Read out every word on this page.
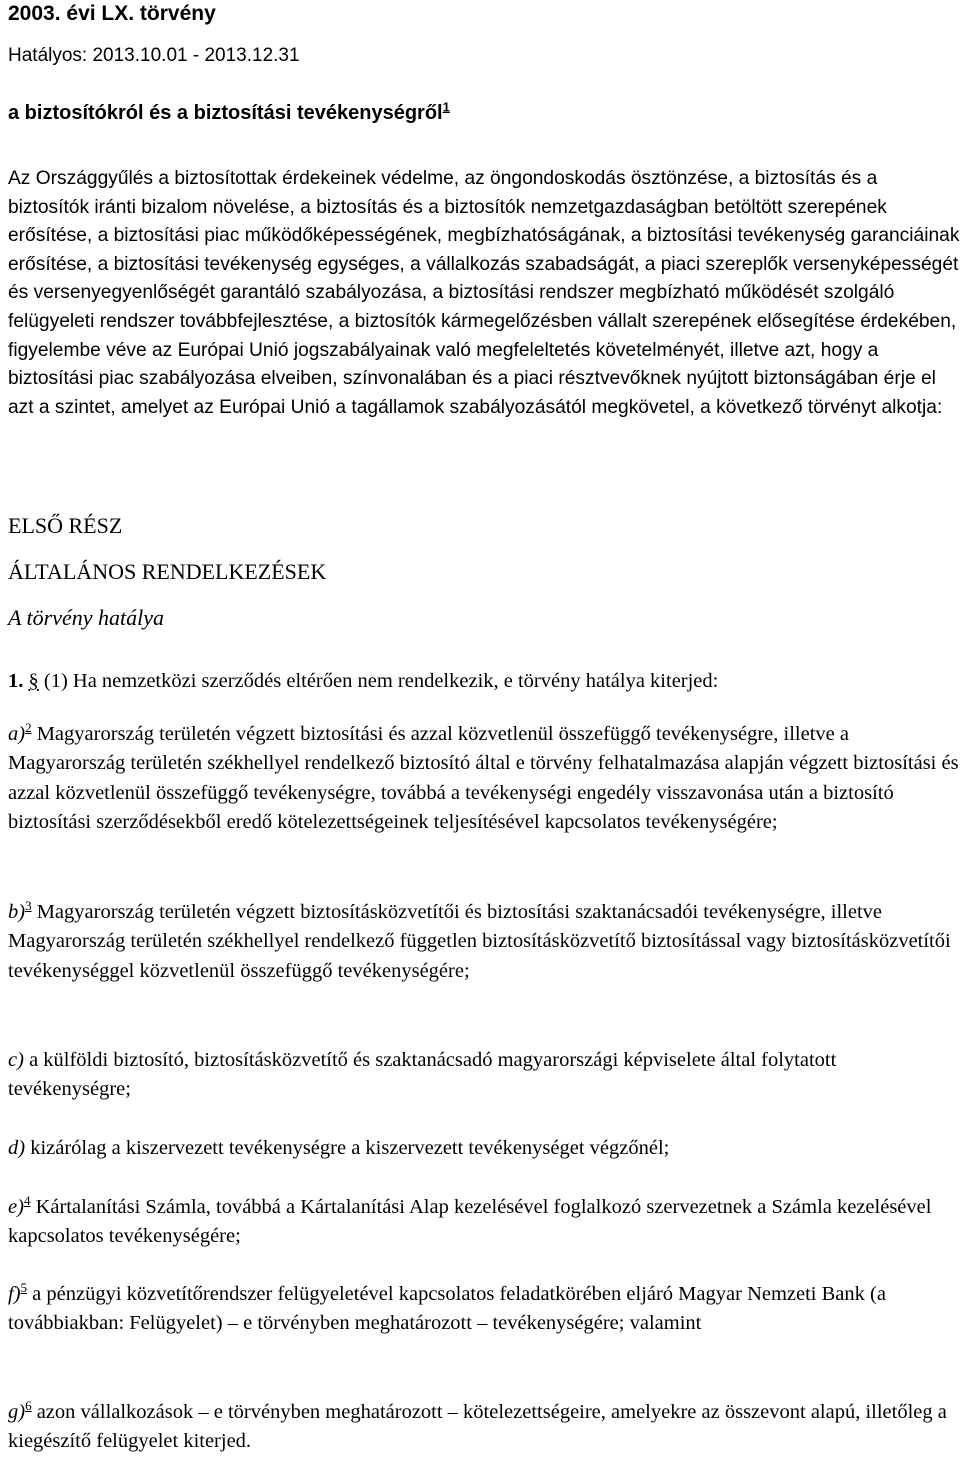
2003. évi LX. törvény
Hatályos: 2013.10.01 - 2013.12.31
a biztosítókról és a biztosítási tevékenységről$^1$
Az Országgyűlés a biztosítottak érdekeinek védelme, az öngondoskodás ösztönzése, a biztosítás és a biztosítók iránti bizalom növelése, a biztosítás és a biztosítók nemzetgazdaságban betöltött szerepének erősítése, a biztosítási piac működőképességének, megbízhatóságának, a biztosítási tevékenység garanciáinak erősítése, a biztosítási tevékenység egységes, a vállalkozás szabadságát, a piaci szereplők versenyképességét és versenyegyenlőségét garantáló szabályozása, a biztosítási rendszer megbízható működését szolgáló felügyeleti rendszer továbbfejlesztése, a biztosítók kármegelőzésben vállalt szerepének elősegítése érdekében, figyelembe véve az Európai Unió jogszabályainak való megfeleltetés követelményét, illetve azt, hogy a biztosítási piac szabályozása elveiben, színvonalában és a piaci résztvevőknek nyújtott biztonságában érje el azt a szintet, amelyet az Európai Unió a tagállamok szabályozásától megkövetel, a következő törvényt alkotja:
ELSŐ RÉSZ
ÁLTALÁNOS RENDELKEZÉSEK
A törvény hatálya
1. § (1) Ha nemzetközi szerződés eltérően nem rendelkezik, e törvény hatálya kiterjed:
a)$^2$ Magyarország területén végzett biztosítási és azzal közvetlenül összefüggő tevékenységre, illetve a Magyarország területén székhellyel rendelkező biztosító által e törvény felhatalmazása alapján végzett biztosítási és azzal közvetlenül összefüggő tevékenységre, továbbá a tevékenységi engedély visszavonása után a biztosító biztosítási szerződésekből eredő kötelezettségeinek teljesítésével kapcsolatos tevékenységére;
b)$^3$ Magyarország területén végzett biztosításközvetítői és biztosítási szaktanácsadói tevékenységre, illetve Magyarország területén székhellyel rendelkező független biztosításközvetítő biztosítással vagy biztosításközvetítői tevékenységgel közvetlenül összefüggő tevékenységére;
c) a külföldi biztosító, biztosításközvetítő és szaktanácsadó magyarországi képviselete által folytatott tevékenységre;
d) kizárólag a kiszervezett tevékenységre a kiszervezett tevékenységet végzőnél;
e)$^4$ Kártalanítási Számla, továbbá a Kártalanítási Alap kezelésével foglalkozó szervezetnek a Számla kezelésével kapcsolatos tevékenységére;
f)$^5$ a pénzügyi közvetítőrendszer felügyeletével kapcsolatos feladatkörében eljáró Magyar Nemzeti Bank (a továbbiakban: Felügyelet) – e törvényben meghatározott – tevékenységére; valamint
g)$^6$ azon vállalkozások – e törvényben meghatározott – kötelezettségeire, amelyekre az összevont alapú, illetőleg a kiegészítő felügyelet kiterjed.
